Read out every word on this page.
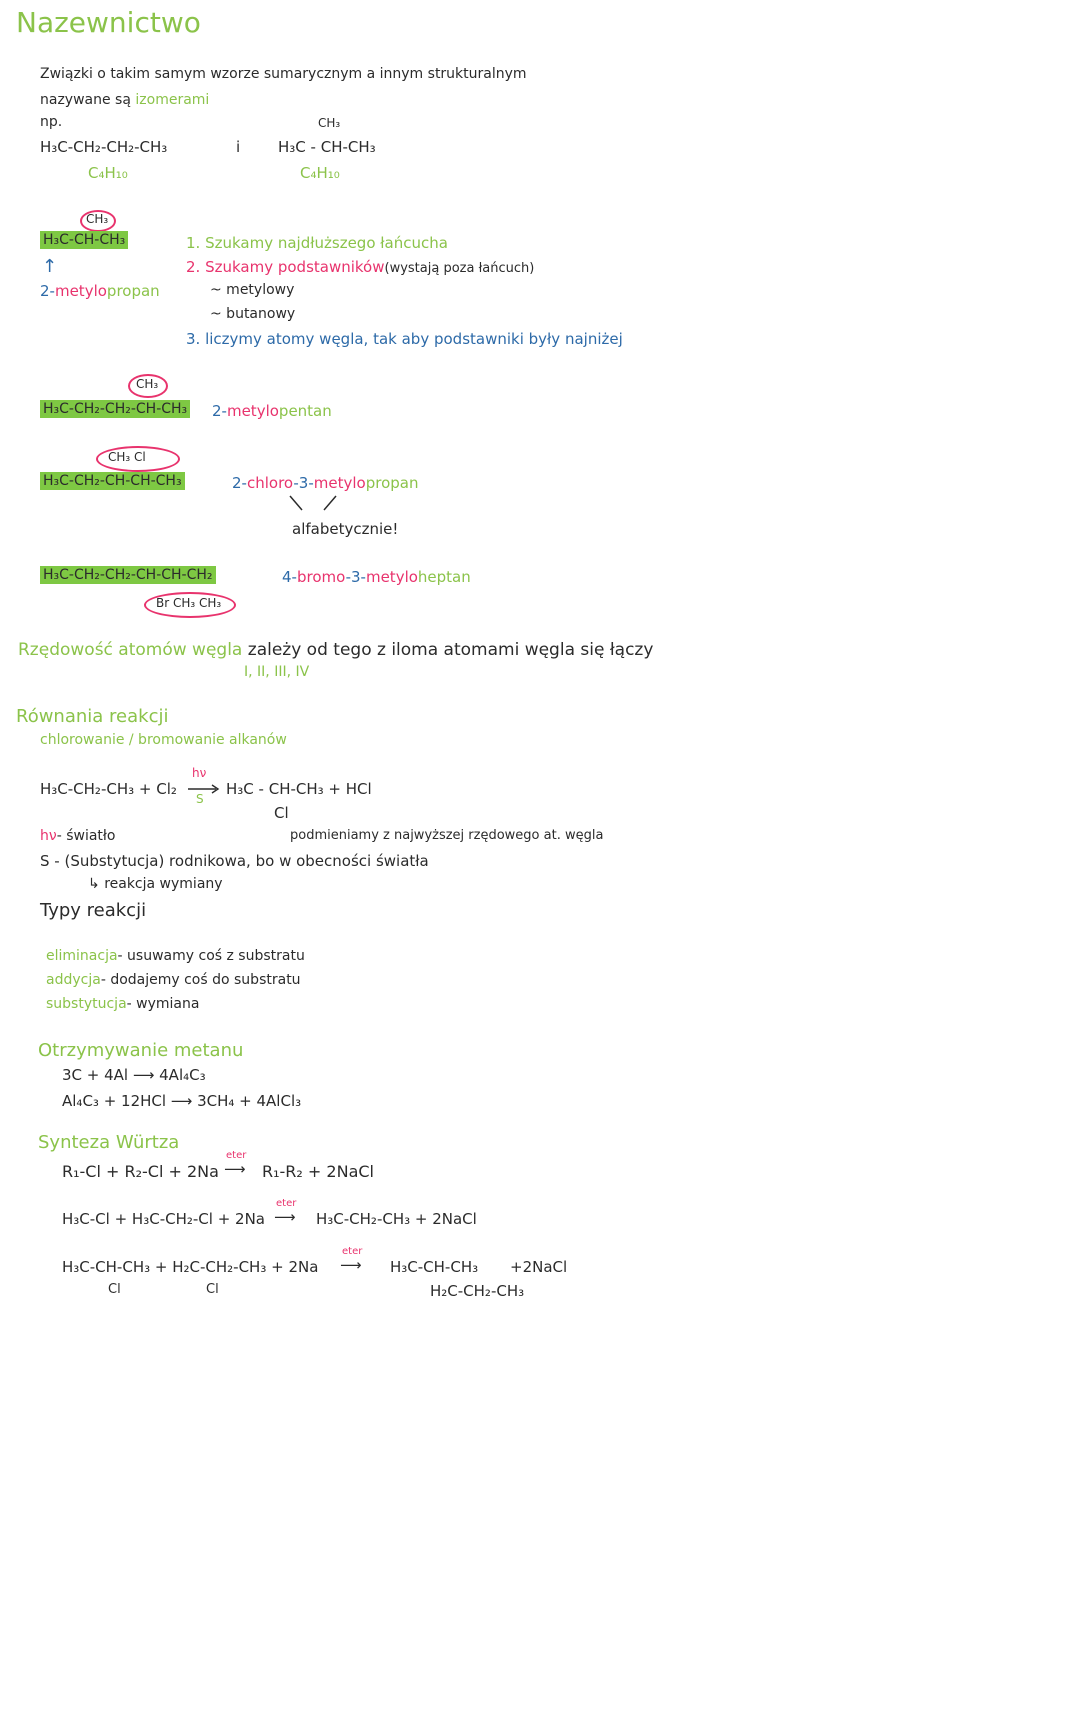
Nazewnictwo
Związki o takim samym wzorze sumarycznym a innym strukturalnym
nazywane są izomerami
np.
H₃C-CH₂-CH₂-CH₃	i
CH₃
H₃C - CH-CH₃
C₄H₁₀	C₄H₁₀
CH₃
H₃C-CH-CH₃
↑
2-metylopropan
1. Szukamy najdłuższego łańcucha
2. Szukamy podstawników(wystają poza łańcuch)
~ metylowy
~ butanowy
3. liczymy atomy węgla, tak aby podstawniki były najniżej
CH₃
H₃C-CH₂-CH₂-CH-CH₃ 2-metylopentan
CH₃ Cl
H₃C-CH₂-CH-CH-CH₃	2-chloro-3-metylopropan
alfabetycznie!
H₃C-CH₂-CH₂-CH-CH-CH₂
Br CH₃ CH₃
4-bromo-3-metyloheptan
Rzędowość atomów węgla zależy od tego z iloma atomami węgla się łączy
I, II, III, IV
Równania reakcji
chlorowanie / bromowanie alkanów
H₃C-CH₂-CH₃ + Cl₂
hν
S
H₃C - CH-CH₃ + HCl
Cl
hν- światło	podmieniamy z najwyższej rzędowego at. węgla
S - (Substytucja) rodnikowa, bo w obecności światła
↳ reakcja wymiany
Typy reakcji
eliminacja- usuwamy coś z substratu
addycja- dodajemy coś do substratu
substytucja- wymiana
Otrzymywanie metanu
3C + 4Al ⟶ 4Al₄C₃
Al₄C₃ + 12HCl ⟶ 3CH₄ + 4AlCl₃
Synteza Würtza
R₁-Cl + R₂-Cl + 2Na
eter
⟶ R₁-R₂ + 2NaCl
H₃C-Cl + H₃C-CH₂-Cl + 2Na
eter
⟶ H₃C-CH₂-CH₃ + 2NaCl
H₃C-CH-CH₃ + H₂C-CH₂-CH₃ + 2Na
Cl	Cl
eter
⟶ H₃C-CH-CH₃
H₂C-CH₂-CH₃
+2NaCl
